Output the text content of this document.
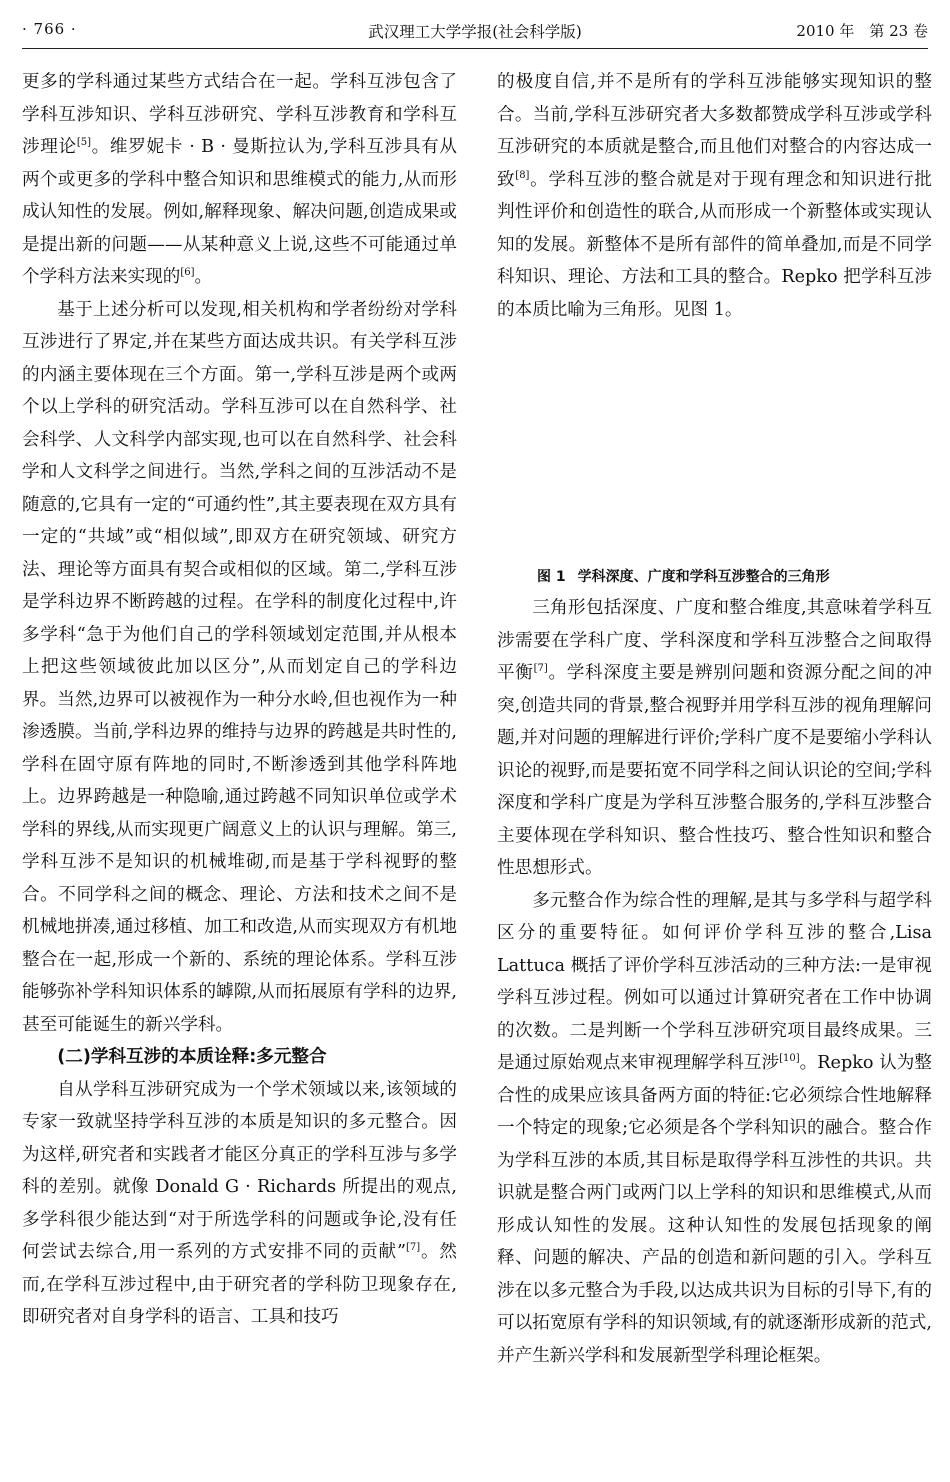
· 766 ·	武汉理工大学学报(社会科学版)	2010 年　第 23 卷

更多的学科通过某些方式结合在一起。学科互涉包含了学科互涉知识、学科互涉研究、学科互涉教育和学科互涉理论[5]。维罗妮卡 · B · 曼斯拉认为,学科互涉具有从两个或更多的学科中整合知识和思维模式的能力,从而形成认知性的发展。例如,解释现象、解决问题,创造成果或是提出新的问题——从某种意义上说,这些不可能通过单个学科方法来实现的[6]。

基于上述分析可以发现,相关机构和学者纷纷对学科互涉进行了界定,并在某些方面达成共识。有关学科互涉的内涵主要体现在三个方面。第一,学科互涉是两个或两个以上学科的研究活动。学科互涉可以在自然科学、社会科学、人文科学内部实现,也可以在自然科学、社会科学和人文科学之间进行。当然,学科之间的互涉活动不是随意的,它具有一定的“可通约性”,其主要表现在双方具有一定的“共域”或“相似域”,即双方在研究领域、研究方法、理论等方面具有契合或相似的区域。第二,学科互涉是学科边界不断跨越的过程。在学科的制度化过程中,许多学科“急于为他们自己的学科领域划定范围,并从根本上把这些领域彼此加以区分”,从而划定自己的学科边界。当然,边界可以被视作为一种分水岭,但也视作为一种渗透膜。当前,学科边界的维持与边界的跨越是共时性的,学科在固守原有阵地的同时,不断渗透到其他学科阵地上。边界跨越是一种隐喻,通过跨越不同知识单位或学术学科的界线,从而实现更广阔意义上的认识与理解。第三,学科互涉不是知识的机械堆砌,而是基于学科视野的整合。不同学科之间的概念、理论、方法和技术之间不是机械地拼凑,通过移植、加工和改造,从而实现双方有机地整合在一起,形成一个新的、系统的理论体系。学科互涉能够弥补学科知识体系的罅隙,从而拓展原有学科的边界,甚至可能诞生的新兴学科。

(二)学科互涉的本质诠释:多元整合

自从学科互涉研究成为一个学术领域以来,该领域的专家一致就坚持学科互涉的本质是知识的多元整合。因为这样,研究者和实践者才能区分真正的学科互涉与多学科的差别。就像 Donald G · Richards 所提出的观点,多学科很少能达到“对于所选学科的问题或争论,没有任何尝试去综合,用一系列的方式安排不同的贡献”[7]。然而,在学科互涉过程中,由于研究者的学科防卫现象存在,即研究者对自身学科的语言、工具和技巧

的极度自信,并不是所有的学科互涉能够实现知识的整合。当前,学科互涉研究者大多数都赞成学科互涉或学科互涉研究的本质就是整合,而且他们对整合的内容达成一致[8]。学科互涉的整合就是对于现有理念和知识进行批判性评价和创造性的联合,从而形成一个新整体或实现认知的发展。新整体不是所有部件的简单叠加,而是不同学科知识、理论、方法和工具的整合。Repko 把学科互涉的本质比喻为三角形。见图 1。

图 1 学科深度、广度和学科互涉整合的三角形

三角形包括深度、广度和整合维度,其意味着学科互涉需要在学科广度、学科深度和学科互涉整合之间取得平衡[7]。学科深度主要是辨别问题和资源分配之间的冲突,创造共同的背景,整合视野并用学科互涉的视角理解问题,并对问题的理解进行评价;学科广度不是要缩小学科认识论的视野,而是要拓宽不同学科之间认识论的空间;学科深度和学科广度是为学科互涉整合服务的,学科互涉整合主要体现在学科知识、整合性技巧、整合性知识和整合性思想形式。

多元整合作为综合性的理解,是其与多学科与超学科区分的重要特征。如何评价学科互涉的整合,Lisa Lattuca 概括了评价学科互涉活动的三种方法:一是审视学科互涉过程。例如可以通过计算研究者在工作中协调的次数。二是判断一个学科互涉研究项目最终成果。三是通过原始观点来审视理解学科互涉[10]。Repko 认为整合性的成果应该具备两方面的特征:它必须综合性地解释一个特定的现象;它必须是各个学科知识的融合。整合作为学科互涉的本质,其目标是取得学科互涉性的共识。共识就是整合两门或两门以上学科的知识和思维模式,从而形成认知性的发展。这种认知性的发展包括现象的阐释、问题的解决、产品的创造和新问题的引入。学科互涉在以多元整合为手段,以达成共识为目标的引导下,有的可以拓宽原有学科的知识领域,有的就逐渐形成新的范式,并产生新兴学科和发展新型学科理论框架。
